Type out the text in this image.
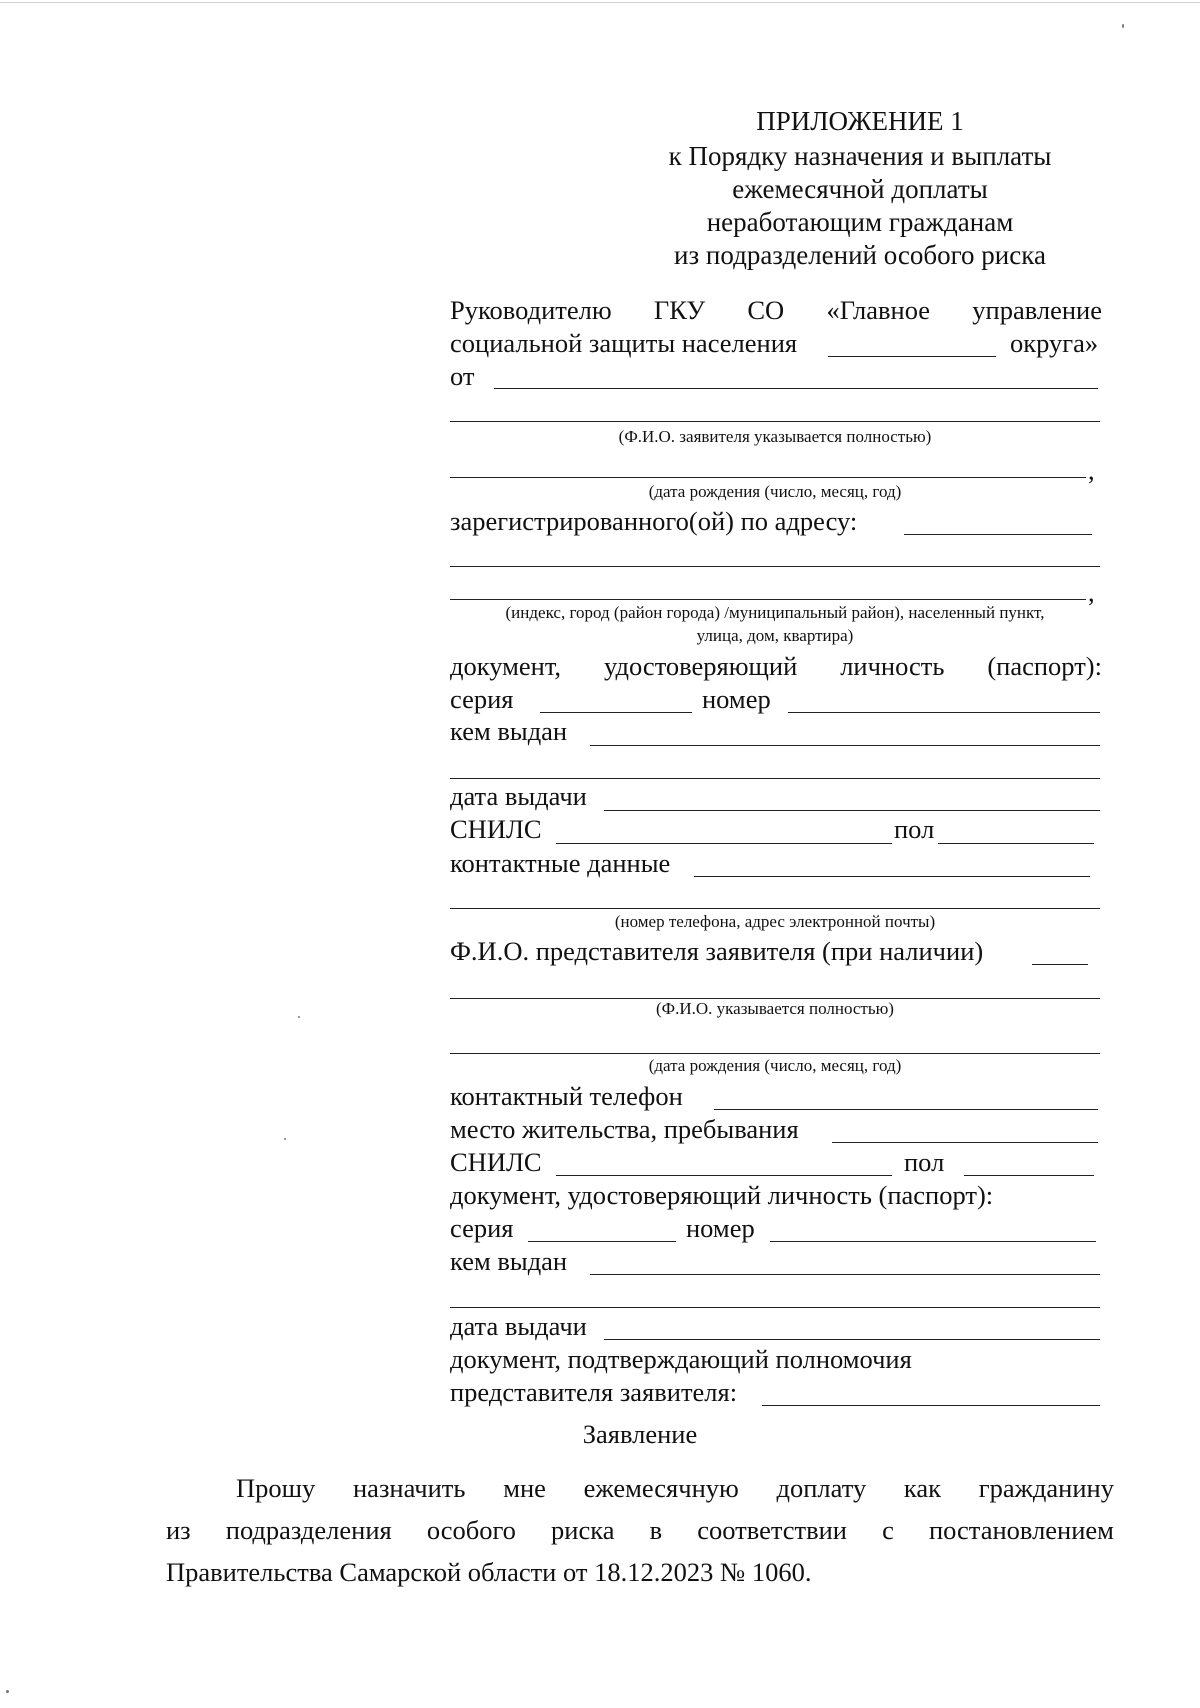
ПРИЛОЖЕНИЕ 1
к Порядку назначения и выплаты
ежемесячной доплаты
неработающим гражданам
из подразделений особого риска
Руководителю ГКУ СО «Главное управление
социальной защиты населения	округа»
от
(Ф.И.О. заявителя указывается полностью)
,
(дата рождения (число, месяц, год)
зарегистрированного(ой) по адресу:
,
(индекс, город (район города) /муниципальный район), населенный пункт,
улица, дом, квартира)
документ, удостоверяющий личность (паспорт):
серия	номер
кем выдан
дата выдачи
СНИЛС	пол
контактные данные
(номер телефона, адрес электронной почты)
Ф.И.О. представителя заявителя (при наличии)
(Ф.И.О. указывается полностью)
(дата рождения (число, месяц, год)
контактный телефон
место жительства, пребывания
СНИЛС	пол
документ, удостоверяющий личность (паспорт):
серия	номер
кем выдан
дата выдачи
документ, подтверждающий полномочия
представителя заявителя:
Заявление
Прошу назначить мне ежемесячную доплату как гражданину
из подразделения особого риска в соответствии с постановлением
Правительства Самарской области от 18.12.2023 № 1060.
